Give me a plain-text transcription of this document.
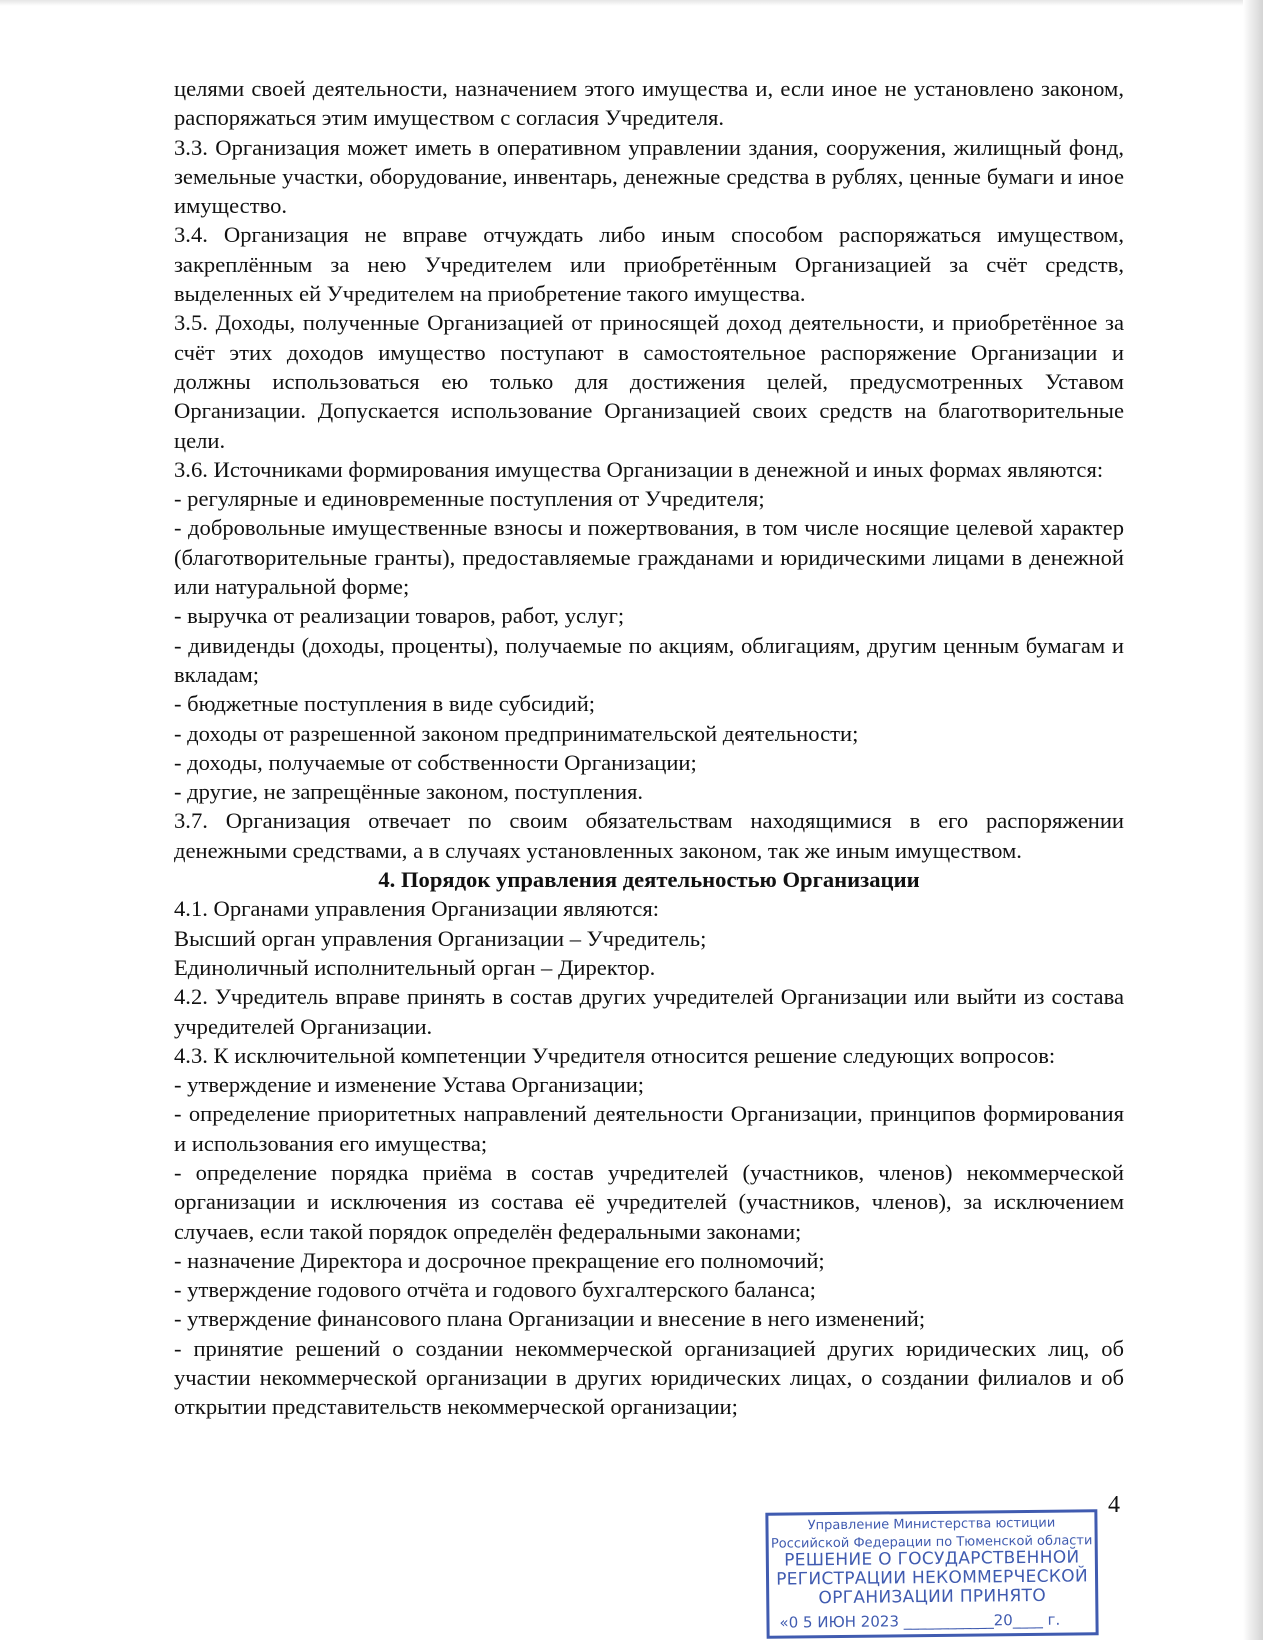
целями своей деятельности, назначением этого имущества и, если иное не установлено законом, распоряжаться этим имуществом с согласия Учредителя.

3.3. Организация может иметь в оперативном управлении здания, сооружения, жилищный фонд, земельные участки, оборудование, инвентарь, денежные средства в рублях, ценные бумаги и иное имущество.

3.4. Организация не вправе отчуждать либо иным способом распоряжаться имуществом, закреплённым за нею Учредителем или приобретённым Организацией за счёт средств, выделенных ей Учредителем на приобретение такого имущества.

3.5. Доходы, полученные Организацией от приносящей доход деятельности, и приобретённое за счёт этих доходов имущество поступают в самостоятельное распоряжение Организации и должны использоваться ею только для достижения целей, предусмотренных Уставом Организации. Допускается использование Организацией своих средств на благотворительные цели.

3.6. Источниками формирования имущества Организации в денежной и иных формах являются:

- регулярные и единовременные поступления от Учредителя;

- добровольные имущественные взносы и пожертвования, в том числе носящие целевой характер (благотворительные гранты), предоставляемые гражданами и юридическими лицами в денежной или натуральной форме;

- выручка от реализации товаров, работ, услуг;

- дивиденды (доходы, проценты), получаемые по акциям, облигациям, другим ценным бумагам и вкладам;

- бюджетные поступления в виде субсидий;

- доходы от разрешенной законом предпринимательской деятельности;

- доходы, получаемые от собственности Организации;

- другие, не запрещённые законом, поступления.

3.7. Организация отвечает по своим обязательствам находящимися в его распоряжении денежными средствами, а в случаях установленных законом, так же иным имуществом.

4. Порядок управления деятельностью Организации

4.1. Органами управления Организации являются:

Высший орган управления Организации – Учредитель;

Единоличный исполнительный орган – Директор.

4.2. Учредитель вправе принять в состав других учредителей Организации или выйти из состава учредителей Организации.

4.3. К исключительной компетенции Учредителя относится решение следующих вопросов:

- утверждение и изменение Устава Организации;

- определение приоритетных направлений деятельности Организации, принципов формирования и использования его имущества;

- определение порядка приёма в состав учредителей (участников, членов) некоммерческой организации и исключения из состава её учредителей (участников, членов), за исключением случаев, если такой порядок определён федеральными законами;

- назначение Директора и досрочное прекращение его полномочий;

- утверждение годового отчёта и годового бухгалтерского баланса;

- утверждение финансового плана Организации и внесение в него изменений;

- принятие решений о создании некоммерческой организацией других юридических лиц, об участии некоммерческой организации в других юридических лицах, о создании филиалов и об открытии представительств некоммерческой организации;

4
Управление Министерства юстиции
Российской Федерации по Тюменской области
РЕШЕНИЕ О ГОСУДАРСТВЕННОЙ
РЕГИСТРАЦИИ НЕКОММЕРЧЕСКОЙ
ОРГАНИЗАЦИИ ПРИНЯТО
«0 5 ИЮН 2023 ____________20____ г.
